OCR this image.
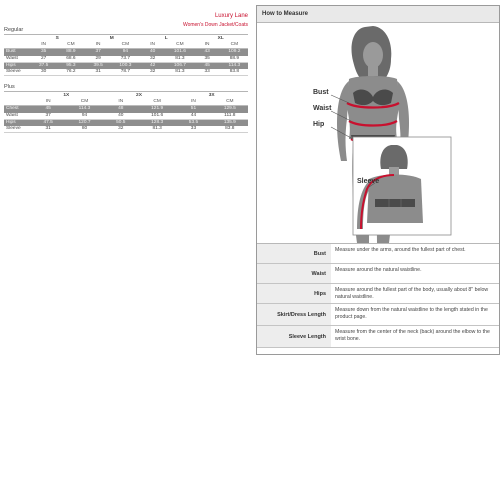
Luxury Lane
Women's Down Jacket/Coats
Regular
	S		M		L		XL	
	IN	CM	IN	CM	IN	CM	IN	CM
Bust	35	88.9	37	94	40	101.6	43	109.2
Waist	27	68.6	29	73.7	32	81.3	35	88.9
Hips	37.5	95.3	39.5	100.3	42	106.7	45	114.3
Sleeve	30	76.2	31	78.7	32	81.3	33	83.8
Plus
	1X		2X		3X	
	IN	CM	IN	CM	IN	CM
Chest	45	114.3	48	121.9	51	129.5
Waist	37	94	40	101.6	44	111.8
Hips	47.5	120.7	50.5	128.3	53.5	135.9
Sleeve	31	80	32	81.3	33	83.8
How to Measure
Bust
Waist
Hip
Sleeve
Bust
Measure under the arms, around the fullest part of chest.
Waist
Measure around the natural waistline.
Hips
Measure around the fullest part of the body, usually about 8" below natural waistline.
Skirt/Dress Length
Measure down from the natural waistline to the length stated in the product page.
Sleeve Length
Measure from the center of the neck (back) around the elbow to the wrist bone.
